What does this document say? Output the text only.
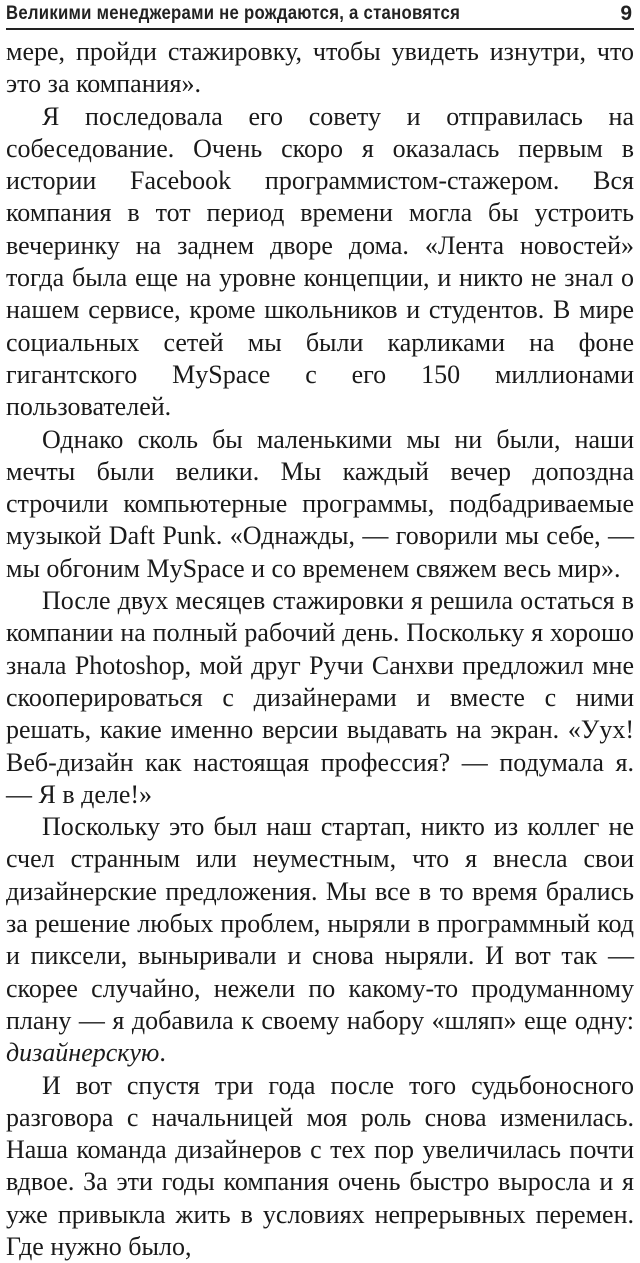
Великими менеджерами не рождаются, а становятся	9

мере, пройди стажировку, чтобы увидеть изнутри, что это за компания».

Я последовала его совету и отправилась на собеседование. Очень скоро я оказалась первым в истории Facebook программистом-стажером. Вся компания в тот период времени могла бы устроить вечеринку на заднем дворе дома. «Лента новостей» тогда была еще на уровне концепции, и никто не знал о нашем сервисе, кроме школьников и студентов. В мире социальных сетей мы были карликами на фоне гигантского MySpace с его 150 миллионами пользователей.

Однако сколь бы маленькими мы ни были, наши мечты были велики. Мы каждый вечер допоздна строчили компьютерные программы, подбадриваемые музыкой Daft Punk. «Однажды, — говорили мы себе, — мы обгоним MySpace и со временем свяжем весь мир».

После двух месяцев стажировки я решила остаться в компании на полный рабочий день. Поскольку я хорошо знала Photoshop, мой друг Ручи Санхви предложил мне скооперироваться с дизайнерами и вместе с ними решать, какие именно версии выдавать на экран. «Уух! Веб-дизайн как настоящая профессия? — подумала я. — Я в деле!»

Поскольку это был наш стартап, никто из коллег не счел странным или неуместным, что я внесла свои дизайнерские предложения. Мы все в то время брались за решение любых проблем, ныряли в программный код и пиксели, выныривали и снова ныряли. И вот так — скорее случайно, нежели по какому-то продуманному плану — я добавила к своему набору «шляп» еще одну: дизайнерскую.

И вот спустя три года после того судьбоносного разговора с начальницей моя роль снова изменилась. Наша команда дизайнеров с тех пор увеличилась почти вдвое. За эти годы компания очень быстро выросла и я уже привыкла жить в условиях непрерывных перемен. Где нужно было,
